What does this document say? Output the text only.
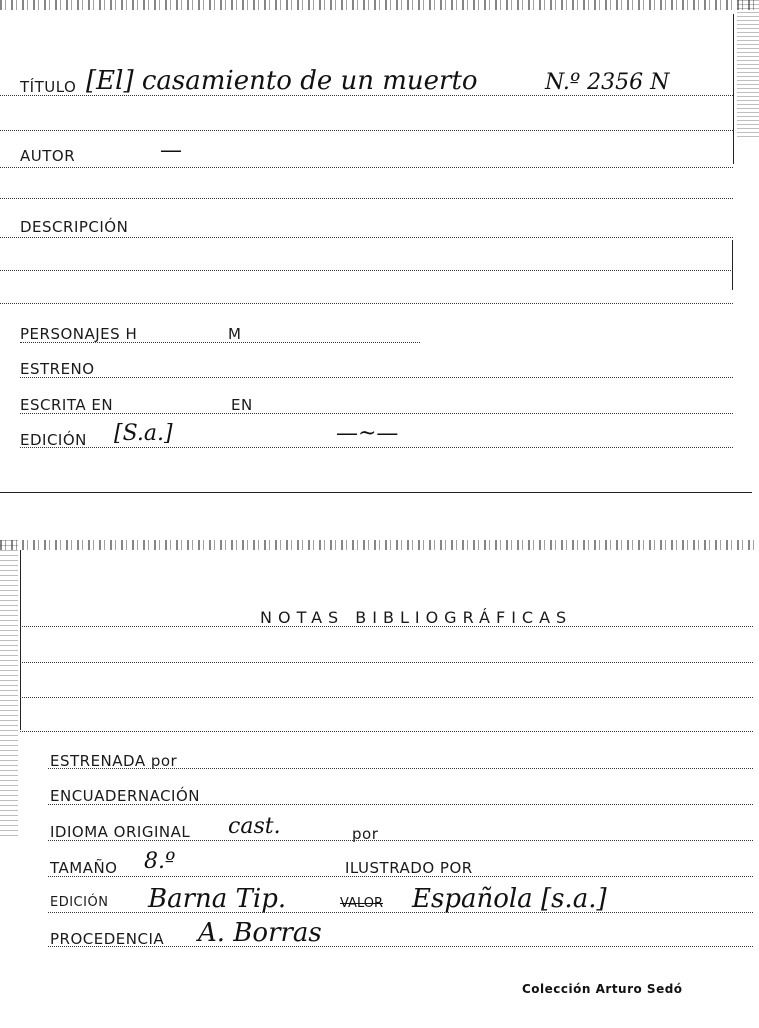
TÍTULO [El] casamiento de un muerto	N.º 2356 N
AUTOR	—
DESCRIPCIÓN
PERSONAJES H	M
ESTRENO
ESCRITA EN	EN
EDICIÓN [S.a.]	—~—
NOTAS BIBLIOGRÁFICAS
ESTRENADA por
ENCUADERNACIÓN
IDIOMA ORIGINAL cast.	por
TAMAÑO 8.º	ILUSTRADO POR
EDICIÓN Barna Tip.	VALOR Española [s.a.]
PROCEDENCIA A. Borras
Colección Arturo Sedó
